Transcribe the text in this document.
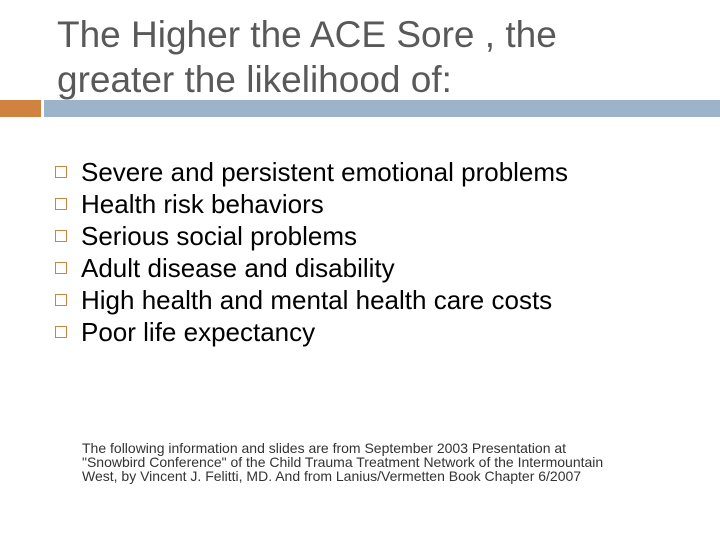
The Higher the ACE Sore , the
greater the likelihood of:
Severe and persistent emotional problems
Health risk behaviors
Serious social problems
Adult disease and disability
High health and mental health care costs
Poor life expectancy

The following information and slides are from September 2003 Presentation at
"Snowbird Conference" of the Child Trauma Treatment Network of the Intermountain
West, by Vincent J. Felitti, MD. And from Lanius/Vermetten Book Chapter 6/2007
